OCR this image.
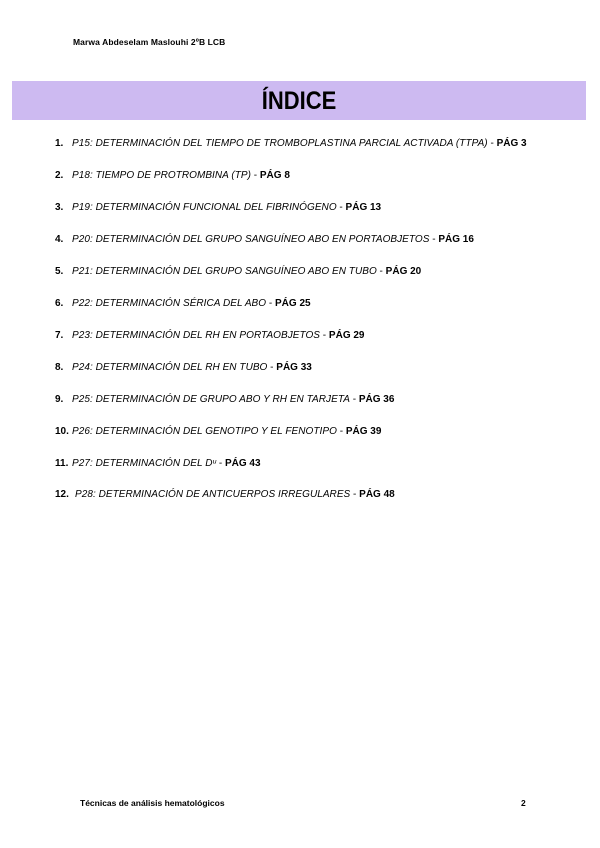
Marwa Abdeselam Maslouhi 2ºB LCB
ÍNDICE
1. P15: DETERMINACIÓN DEL TIEMPO DE TROMBOPLASTINA PARCIAL ACTIVADA (TTPA) - PÁG 3
2. P18: TIEMPO DE PROTROMBINA (TP) - PÁG 8
3. P19: DETERMINACIÓN FUNCIONAL DEL FIBRINÓGENO - PÁG 13
4. P20: DETERMINACIÓN DEL GRUPO SANGUÍNEO ABO EN PORTAOBJETOS - PÁG 16
5. P21: DETERMINACIÓN DEL GRUPO SANGUÍNEO ABO EN TUBO - PÁG 20
6. P22: DETERMINACIÓN SÉRICA DEL ABO - PÁG 25
7. P23: DETERMINACIÓN DEL RH EN PORTAOBJETOS - PÁG 29
8. P24: DETERMINACIÓN DEL RH EN TUBO - PÁG 33
9. P25: DETERMINACIÓN DE GRUPO ABO Y RH EN TARJETA - PÁG 36
10. P26: DETERMINACIÓN DEL GENOTIPO Y EL FENOTIPO - PÁG 39
11. P27: DETERMINACIÓN DEL Dᵘ - PÁG 43
12. P28: DETERMINACIÓN DE ANTICUERPOS IRREGULARES - PÁG 48
Técnicas de análisis hematológicos	2
